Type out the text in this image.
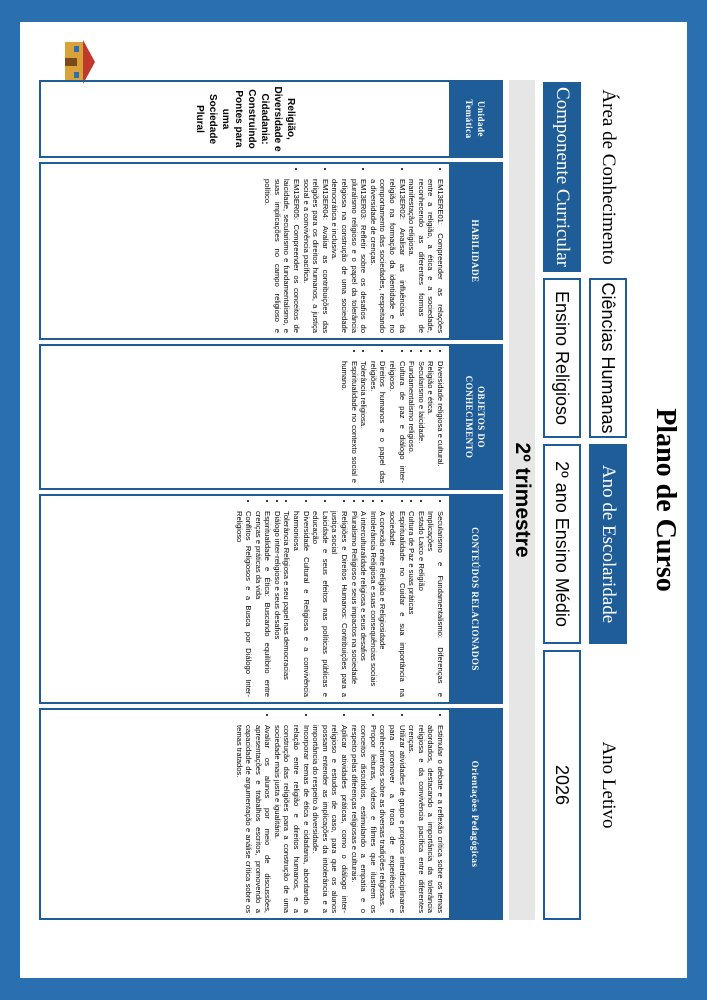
Plano de Curso
Área de Conhecimento
Ciências Humanas
Ano de Escolaridade
Ano Letivo
Componente Curricular
Ensino Religioso
2º ano Ensino Médio
2026
2º trimestre
Unidade Temática
Religião, Diversidade e Cidadania: Construindo Pontes para uma Sociedade Plural
HABILIDADE
• EM13ERE01: Compreender as relações entre a religião, a ética e a sociedade, reconhecendo as diferentes formas de manifestação religiosa.
• EM13ER02: Analisar as influências da religião na formação da identidade e no comportamento das sociedades, respeitando a diversidade de crenças.
• EM13ER03: Refletir sobre os desafios do pluralismo religioso e o papel da tolerância religiosa na construção de uma sociedade democrática e inclusiva.
• EM13ER04: Avaliar as contribuições das religiões para os direitos humanos, a justiça social e a convivência pacífica.
• EM13ER05: Compreender os conceitos de laicidade, secularismo e fundamentalismo, e suas implicações no campo religioso e político.
OBJETOS DO CONHECIMENTO
• Diversidade religiosa e cultural.
• Religião e ética.
• Secularismo e laicidade.
• Fundamentalismo religioso.
• Cultura de paz e diálogo inter-religioso.
• Direitos humanos e o papel das religiões.
• Tolerância religiosa.
• Espiritualidade no contexto social e humano.
CONTEÚDOS RELACIONADOS
• Secularismo e Fundamentalismo: Diferenças e Implicações
• Estado Laico e Religião
• Cultura de Paz e suas práticas
• Espiritualidade no Cuidar e sua importância na sociedade
• A conexão entre Religião e Religiosidade
• Intolerância Religiosa e suas consequências sociais
• A interculturalidade religiosa e seus desafios
• Pluralismo Religioso e seus impactos na sociedade
• Religiões e Direitos Humanos: Contribuições para a justiça social
• Laicidade e seus efeitos nas políticas públicas e educação
• Diversidade Cultural e Religiosa e a convivência harmoniosa
• Tolerância Religiosa e seu papel nas democracias
• Diálogo inter-religioso e seus desafios
• Espiritualidade e Ética: Buscando equilíbrio entre crenças e práticas da vida
• Conflitos Religiosos e a Busca por Diálogo Inter-Religioso
Orientações Pedagógicas
• Estimular o debate e a reflexão crítica sobre os temas abordados, destacando a importância da tolerância religiosa e da convivência pacífica entre diferentes crenças.
• Utilizar atividades de grupo e projetos interdisciplinares para promover a troca de experiências e conhecimentos sobre as diversas tradições religiosas.
• Propor leituras, vídeos e filmes que ilustrem os conceitos discutidos, estimulando a empatia e o respeito pelas diferenças religiosas e culturais.
• Aplicar atividades práticas, como o diálogo inter-religioso e estudos de caso, para que os alunos possam entender as implicações da intolerância e a importância do respeito à diversidade.
• Incorporar temas de ética e cidadania, abordando a relação entre religião e direitos humanos, e a construção das religiões para a construção de uma sociedade mais justa e igualitária.
• Avaliar os alunos por meio de discussões, apresentações e trabalhos escritos, promovendo a capacidade de argumentação e análise crítica sobre os temas tratados.
